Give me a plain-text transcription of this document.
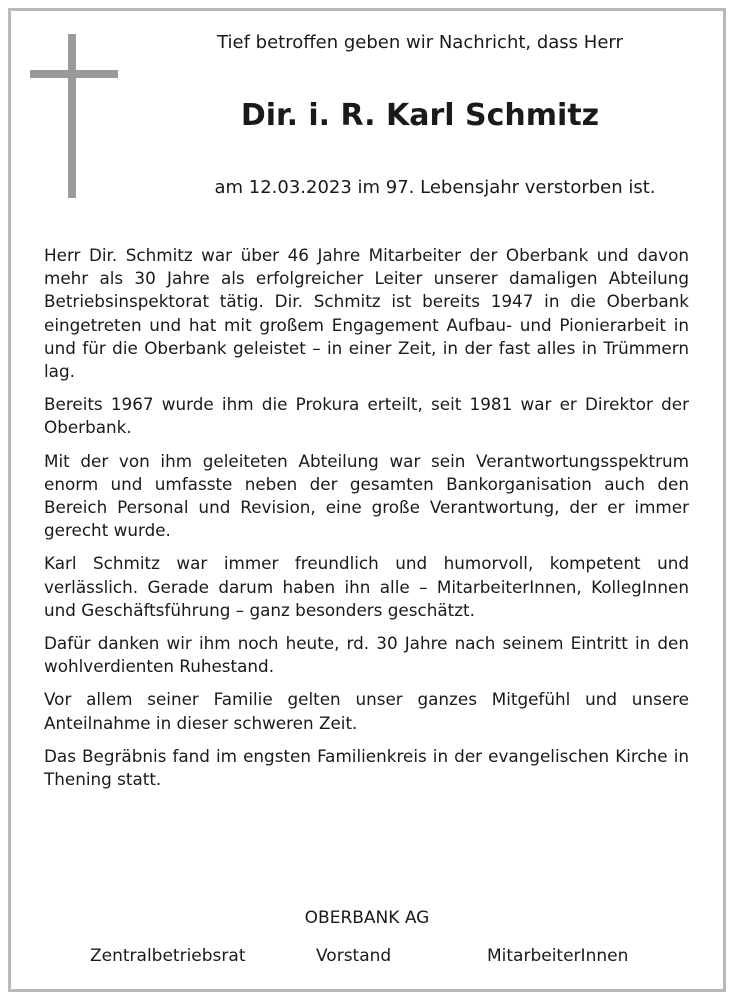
Tief betroffen geben wir Nachricht, dass Herr

Dir. i. R. Karl Schmitz

am 12.03.2023 im 97. Lebensjahr verstorben ist.

Herr Dir. Schmitz war über 46 Jahre Mitarbeiter der Oberbank und davon mehr als 30 Jahre als erfolgreicher Leiter unserer damaligen Abteilung Betriebsinspektorat tätig. Dir. Schmitz ist bereits 1947 in die Oberbank eingetreten und hat mit großem Engagement Aufbau- und Pionierarbeit in und für die Oberbank geleistet – in einer Zeit, in der fast alles in Trümmern lag.

Bereits 1967 wurde ihm die Prokura erteilt, seit 1981 war er Direktor der Oberbank.

Mit der von ihm geleiteten Abteilung war sein Verantwortungsspektrum enorm und umfasste neben der gesamten Bankorganisation auch den Bereich Personal und Revision, eine große Verantwortung, der er immer gerecht wurde.

Karl Schmitz war immer freundlich und humorvoll, kompetent und verlässlich. Gerade darum haben ihn alle – MitarbeiterInnen, KollegInnen und Geschäftsführung – ganz besonders geschätzt.

Dafür danken wir ihm noch heute, rd. 30 Jahre nach seinem Eintritt in den wohlverdienten Ruhestand.

Vor allem seiner Familie gelten unser ganzes Mitgefühl und unsere Anteilnahme in dieser schweren Zeit.

Das Begräbnis fand im engsten Familienkreis in der evangelischen Kirche in Thening statt.

OBERBANK AG

Zentralbetriebsrat	Vorstand	MitarbeiterInnen
